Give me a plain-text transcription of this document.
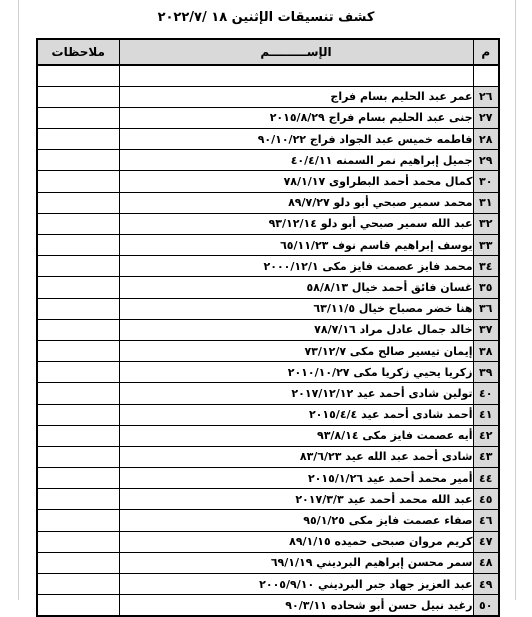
كشف تنسيقات الإثنين ١٨ /٢٠٢٢/٧
م	الإســـــــــم	ملاحظات

٢٦	عمر عبد الحليم بسام فراج	
٢٧	جنى عبد الحليم بسام فراج ٢٠١٥/٨/٢٩	
٢٨	فاطمه خميس عبد الجواد فراج ٩٠/١٠/٢٢	
٢٩	جميل إبراهيم نمر السمنه ٤٠/٤/١١	
٣٠	كمال محمد أحمد البطراوى ٧٨/١/١٧	
٣١	محمد سمير صبحي أبو دلو ٨٩/٧/٢٧	
٣٢	عبد الله سمير صبحي أبو دلو ٩٣/١٢/١٤	
٣٣	يوسف إبراهيم قاسم نوف ٦٥/١١/٢٣	
٣٤	محمد فايز عصمت فايز مكى ٢٠٠٠/١٢/١	
٣٥	غسان فائق أحمد خيال ٥٨/٨/١٣	
٣٦	هنا خضر مصباح خيال ٦٣/١١/٥	
٣٧	خالد جمال عادل مراد ٧٨/٧/١٦	
٣٨	إيمان تيسير صالح مكى ٧٣/١٢/٧	
٣٩	زكريا يحيي زكريا مكى ٢٠١٠/١٠/٢٧	
٤٠	تولين شادى أحمد عيد ٢٠١٧/١٢/١٢	
٤١	أحمد شادى أحمد عيد ٢٠١٥/٤/٤	
٤٢	أيه عصمت فايز مكى ٩٣/٨/١٤	
٤٣	شادى أحمد عبد الله عيد ٨٣/٦/٢٣	
٤٤	أمير محمد أحمد عيد ٢٠١٥/١/٢٦	
٤٥	عبد الله محمد أحمد عيد ٢٠١٧/٣/٣	
٤٦	صفاء عصمت فايز مكى ٩٥/١/٢٥	
٤٧	كريم مروان صبحى حميده ٨٩/١/١٥	
٤٨	سمر محسن إبراهيم البرديني ٦٩/١/١٩	
٤٩	عبد العزيز جهاد جبر البرديني ٢٠٠٥/٩/١٠	
٥٠	رغيد نبيل حسن أبو شحاده ٩٠/٣/١١	
